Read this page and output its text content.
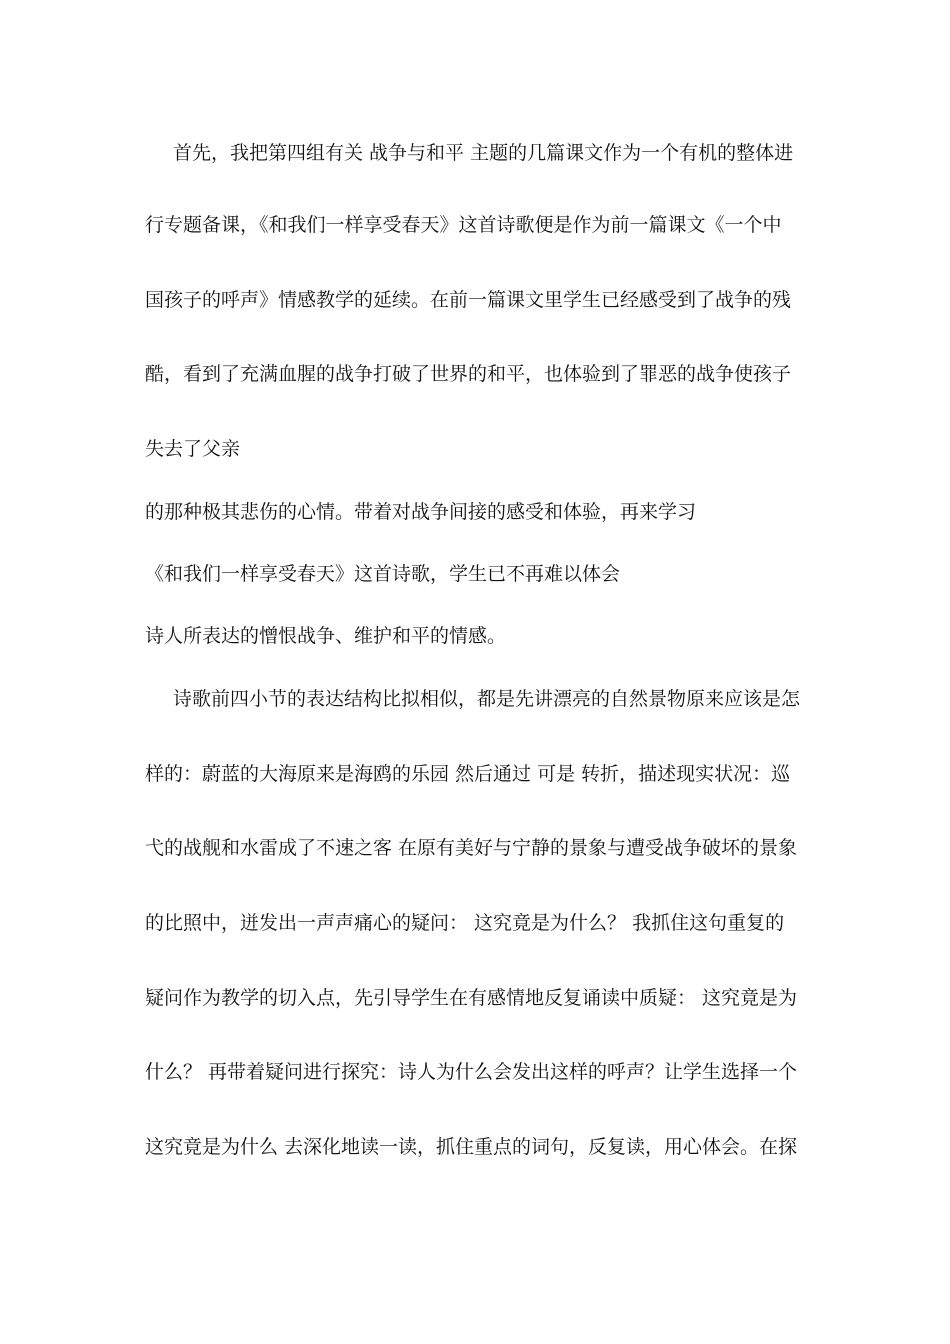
首先，我把第四组有关 战争与和平 主题的几篇课文作为一个有机的整体进
行专题备课，《和我们一样享受春天》这首诗歌便是作为前一篇课文《一个中
国孩子的呼声》情感教学的延续。在前一篇课文里学生已经感受到了战争的残
酷，看到了充满血腥的战争打破了世界的和平，也体验到了罪恶的战争使孩子
失去了父亲
的那种极其悲伤的心情。带着对战争间接的感受和体验，再来学习
《和我们一样享受春天》这首诗歌，学生已不再难以体会
诗人所表达的憎恨战争、维护和平的情感。
诗歌前四小节的表达结构比拟相似，都是先讲漂亮的自然景物原来应该是怎
样的：蔚蓝的大海原来是海鸥的乐园 然后通过 可是 转折，描述现实状况：巡
弋的战舰和水雷成了不速之客 在原有美好与宁静的景象与遭受战争破坏的景象
的比照中，迸发出一声声痛心的疑问： 这究竟是为什么？ 我抓住这句重复的
疑问作为教学的切入点，先引导学生在有感情地反复诵读中质疑： 这究竟是为
什么？ 再带着疑问进行探究：诗人为什么会发出这样的呼声？让学生选择一个
这究竟是为什么 去深化地读一读，抓住重点的词句，反复读，用心体会。在探
